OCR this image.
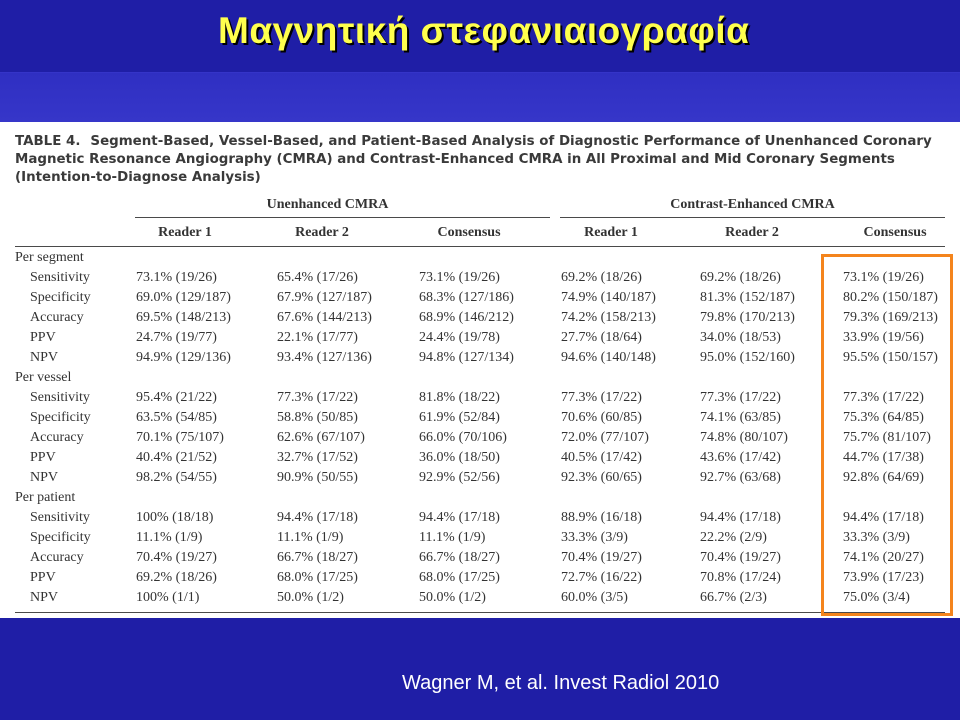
Μαγνητική στεφανιαιογραφία
TABLE 4. Segment-Based, Vessel-Based, and Patient-Based Analysis of Diagnostic Performance of Unenhanced Coronary Magnetic Resonance Angiography (CMRA) and Contrast-Enhanced CMRA in All Proximal and Mid Coronary Segments (Intention-to-Diagnose Analysis)
Unenhanced CMRA	Contrast-Enhanced CMRA
Reader 1	Reader 2	Consensus	Reader 1	Reader 2	Consensus
Per segment						
Sensitivity	73.1% (19/26)	65.4% (17/26)	73.1% (19/26)	69.2% (18/26)	69.2% (18/26)	73.1% (19/26)
Specificity	69.0% (129/187)	67.9% (127/187)	68.3% (127/186)	74.9% (140/187)	81.3% (152/187)	80.2% (150/187)
Accuracy	69.5% (148/213)	67.6% (144/213)	68.9% (146/212)	74.2% (158/213)	79.8% (170/213)	79.3% (169/213)
PPV	24.7% (19/77)	22.1% (17/77)	24.4% (19/78)	27.7% (18/64)	34.0% (18/53)	33.9% (19/56)
NPV	94.9% (129/136)	93.4% (127/136)	94.8% (127/134)	94.6% (140/148)	95.0% (152/160)	95.5% (150/157)
Per vessel						
Sensitivity	95.4% (21/22)	77.3% (17/22)	81.8% (18/22)	77.3% (17/22)	77.3% (17/22)	77.3% (17/22)
Specificity	63.5% (54/85)	58.8% (50/85)	61.9% (52/84)	70.6% (60/85)	74.1% (63/85)	75.3% (64/85)
Accuracy	70.1% (75/107)	62.6% (67/107)	66.0% (70/106)	72.0% (77/107)	74.8% (80/107)	75.7% (81/107)
PPV	40.4% (21/52)	32.7% (17/52)	36.0% (18/50)	40.5% (17/42)	43.6% (17/42)	44.7% (17/38)
NPV	98.2% (54/55)	90.9% (50/55)	92.9% (52/56)	92.3% (60/65)	92.7% (63/68)	92.8% (64/69)
Per patient						
Sensitivity	100% (18/18)	94.4% (17/18)	94.4% (17/18)	88.9% (16/18)	94.4% (17/18)	94.4% (17/18)
Specificity	11.1% (1/9)	11.1% (1/9)	11.1% (1/9)	33.3% (3/9)	22.2% (2/9)	33.3% (3/9)
Accuracy	70.4% (19/27)	66.7% (18/27)	66.7% (18/27)	70.4% (19/27)	70.4% (19/27)	74.1% (20/27)
PPV	69.2% (18/26)	68.0% (17/25)	68.0% (17/25)	72.7% (16/22)	70.8% (17/24)	73.9% (17/23)
NPV	100% (1/1)	50.0% (1/2)	50.0% (1/2)	60.0% (3/5)	66.7% (2/3)	75.0% (3/4)
Wagner M, et al. Invest Radiol 2010
